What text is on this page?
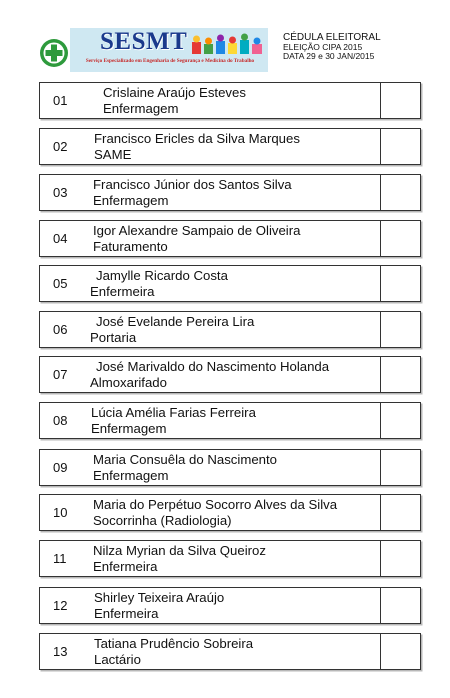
SESMT
Serviço Especializado em Engenharia de Segurança e Medicina do Trabalho
CÉDULA ELEITORAL
ELEIÇÃO CIPA 2015
DATA 29 e 30 JAN/2015
01
Crislaine Araújo Esteves
Enfermagem
02
Francisco Ericles da Silva Marques
SAME
03
Francisco Júnior dos Santos Silva
Enfermagem
04
Igor Alexandre Sampaio de Oliveira
Faturamento
05
Jamylle Ricardo Costa
Enfermeira
06
José Evelande Pereira Lira
Portaria
07
José Marivaldo do Nascimento Holanda
Almoxarifado
08
Lúcia Amélia Farias Ferreira
Enfermagem
09
Maria Consuêla do Nascimento
Enfermagem
10
Maria do Perpétuo Socorro Alves da Silva
Socorrinha (Radiologia)
11
Nilza Myrian da Silva Queiroz
Enfermeira
12
Shirley Teixeira Araújo
Enfermeira
13
Tatiana Prudêncio Sobreira
Lactário
